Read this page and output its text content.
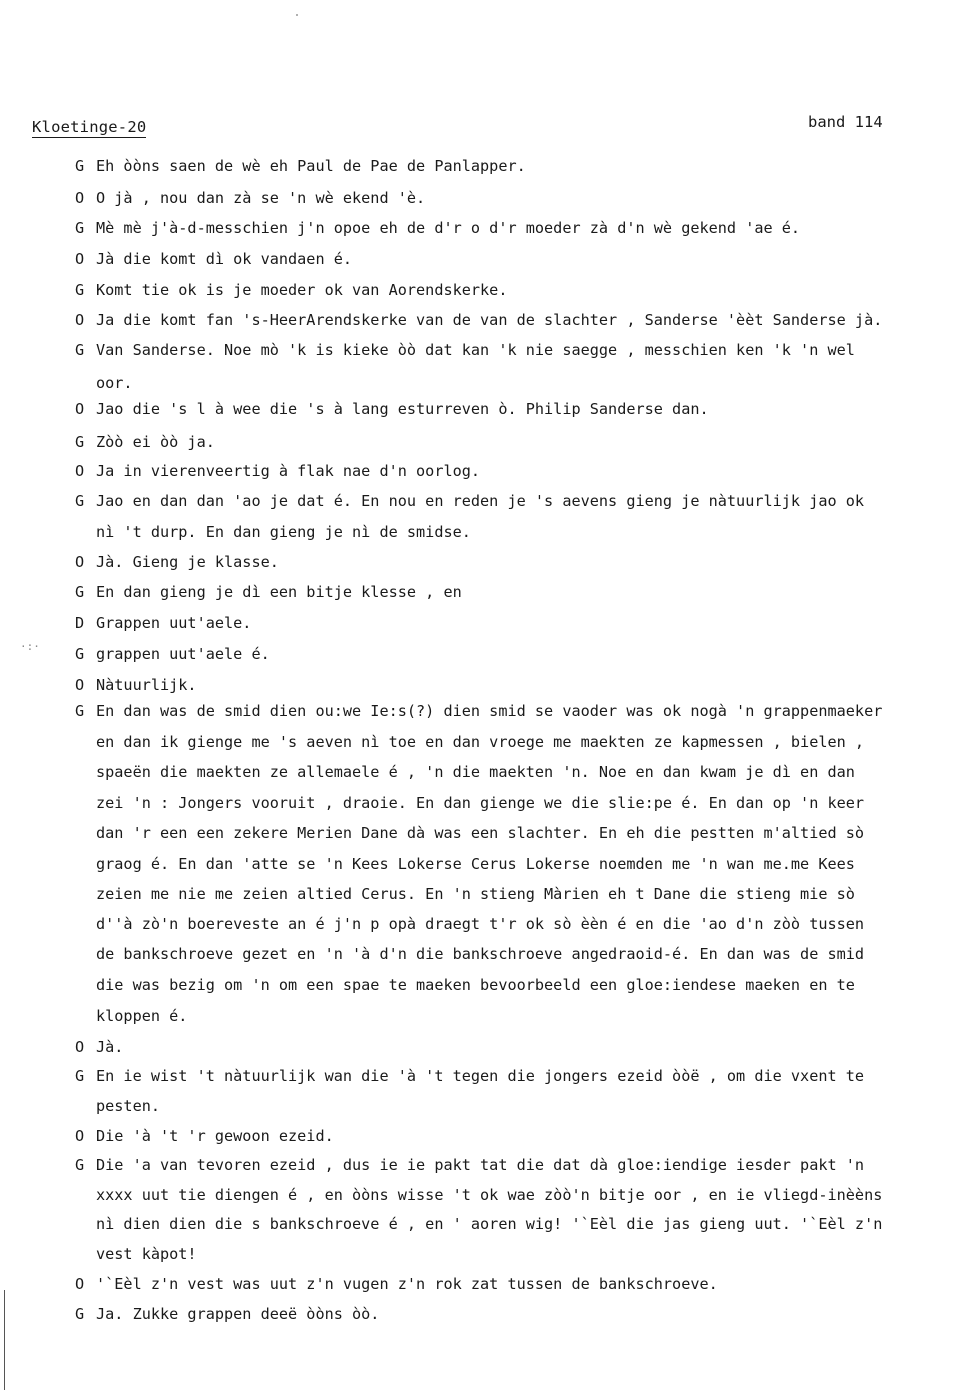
Kloetinge-20	band 114
·:·
G Eh òòns saen de wè eh Paul de Pae de Panlapper.
O O jà , nou dan zà se 'n wè ekend 'è.
G Mè mè j'à-d-messchien j'n opoe eh de d'r o d'r moeder zà d'n wè gekend 'ae é.
O Jà die komt dì ok vandaen é.
G Komt tie ok is je moeder ok van Aorendskerke.
O Ja die komt fan 's-HeerArendskerke van de van de slachter , Sanderse 'èèt Sanderse jà.
G Van Sanderse. Noe mò 'k is kieke òò dat kan 'k nie saegge , messchien ken 'k 'n wel
oor.
O Jao die 's l à wee die 's à lang esturreven ò. Philip Sanderse dan.
G Zòò ei òò ja.
O Ja in vierenveertig à flak nae d'n oorlog.
G Jao en dan dan 'ao je dat é. En nou en reden je 's aevens gieng je nàtuurlijk jao ok
nì 't durp. En dan gieng je nì de smidse.
O Jà. Gieng je klasse.
G En dan gieng je dì een bitje klesse , en
D Grappen uut'aele.
G grappen uut'aele é.
O Nàtuurlijk.
G En dan was de smid dien ou:we Ie:s(?) dien smid se vaoder was ok nogà 'n grappenmaeker
en dan ik gienge me 's aeven nì toe en dan vroege me maekten ze kapmessen , bielen ,
spaeën die maekten ze allemaele é , 'n die maekten 'n. Noe en dan kwam je dì en dan
zei 'n : Jongers vooruit , draoie. En dan gienge we die slie:pe é. En dan op 'n keer
dan 'r een een zekere Merien Dane dà was een slachter. En eh die pestten m'altied sò
graog é. En dan 'atte se 'n Kees Lokerse Cerus Lokerse noemden me 'n wan me.me Kees
zeien me nie me zeien altied Cerus. En 'n stieng Màrien eh t Dane die stieng mie sò
d''à zò'n boereveste an é j'n p opà draegt t'r ok sò èèn é en die 'ao d'n zòò tussen
de bankschroeve gezet en 'n 'à d'n die bankschroeve angedraoid-é. En dan was de smid
die was bezig om 'n om een spae te maeken bevoorbeeld een gloe:iendese maeken en te
kloppen é.
O Jà.
G En ie wist 't nàtuurlijk wan die 'à 't tegen die jongers ezeid òòë , om die vxent te
pesten.
O Die 'à 't 'r gewoon ezeid.
G Die 'a van tevoren ezeid , dus ie ie pakt tat die dat dà gloe:iendige iesder pakt 'n
xxxx uut tie diengen é , en òòns wisse 't ok wae zòò'n bitje oor , en ie vliegd-inèèns
nì dien dien die s bankschroeve é , en ' aoren wig! '`Eèl die jas gieng uut. '`Eèl z'n
vest kàpot!
O '`Eèl z'n vest was uut z'n vugen z'n rok zat tussen de bankschroeve.
G Ja. Zukke grappen deeë òòns òò.
